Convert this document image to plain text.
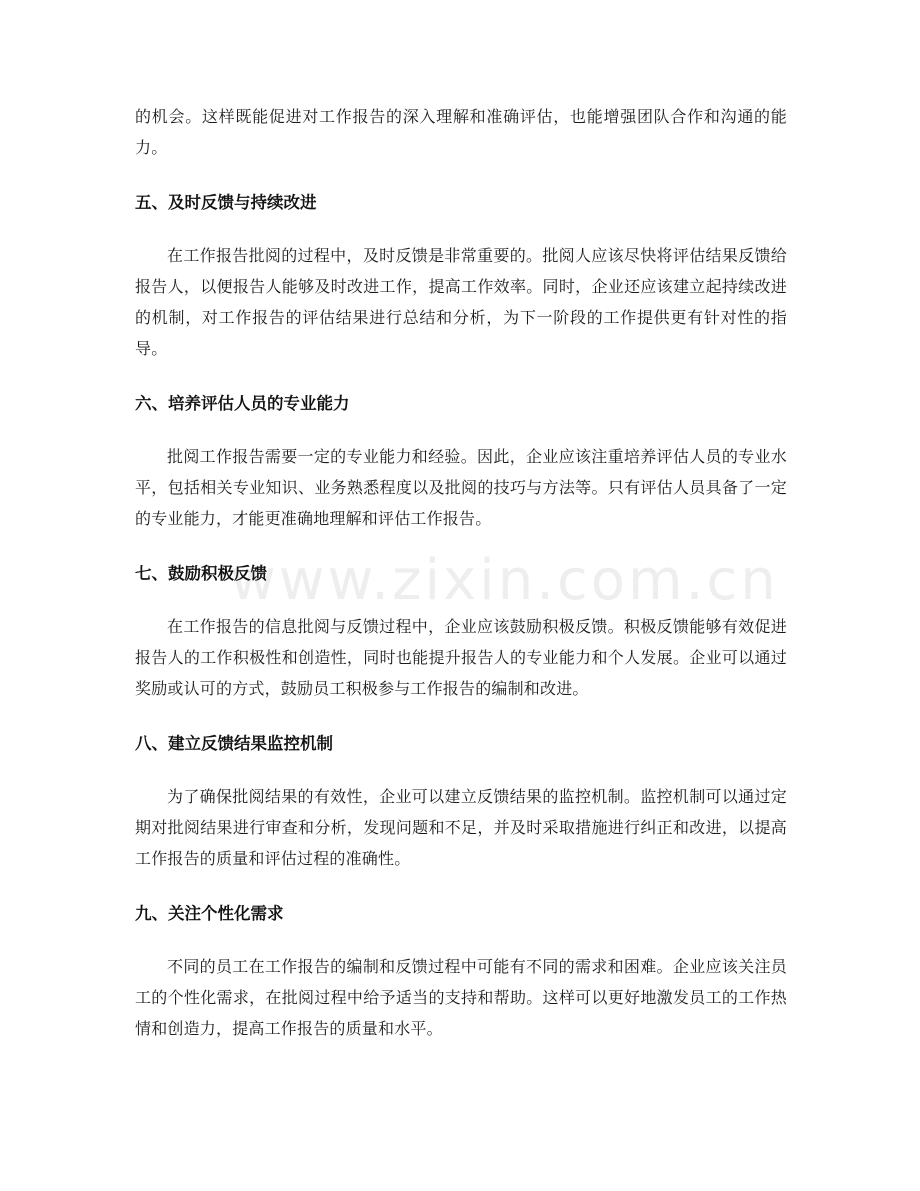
的机会。这样既能促进对工作报告的深入理解和准确评估，也能增强团队合作和沟通的能力。

五、及时反馈与持续改进

在工作报告批阅的过程中，及时反馈是非常重要的。批阅人应该尽快将评估结果反馈给报告人，以便报告人能够及时改进工作，提高工作效率。同时，企业还应该建立起持续改进的机制，对工作报告的评估结果进行总结和分析，为下一阶段的工作提供更有针对性的指导。

六、培养评估人员的专业能力

批阅工作报告需要一定的专业能力和经验。因此，企业应该注重培养评估人员的专业水平，包括相关专业知识、业务熟悉程度以及批阅的技巧与方法等。只有评估人员具备了一定的专业能力，才能更准确地理解和评估工作报告。

七、鼓励积极反馈

在工作报告的信息批阅与反馈过程中，企业应该鼓励积极反馈。积极反馈能够有效促进报告人的工作积极性和创造性，同时也能提升报告人的专业能力和个人发展。企业可以通过奖励或认可的方式，鼓励员工积极参与工作报告的编制和改进。

八、建立反馈结果监控机制

为了确保批阅结果的有效性，企业可以建立反馈结果的监控机制。监控机制可以通过定期对批阅结果进行审查和分析，发现问题和不足，并及时采取措施进行纠正和改进，以提高工作报告的质量和评估过程的准确性。

九、关注个性化需求

不同的员工在工作报告的编制和反馈过程中可能有不同的需求和困难。企业应该关注员工的个性化需求，在批阅过程中给予适当的支持和帮助。这样可以更好地激发员工的工作热情和创造力，提高工作报告的质量和水平。

www.zixin.com.cn
